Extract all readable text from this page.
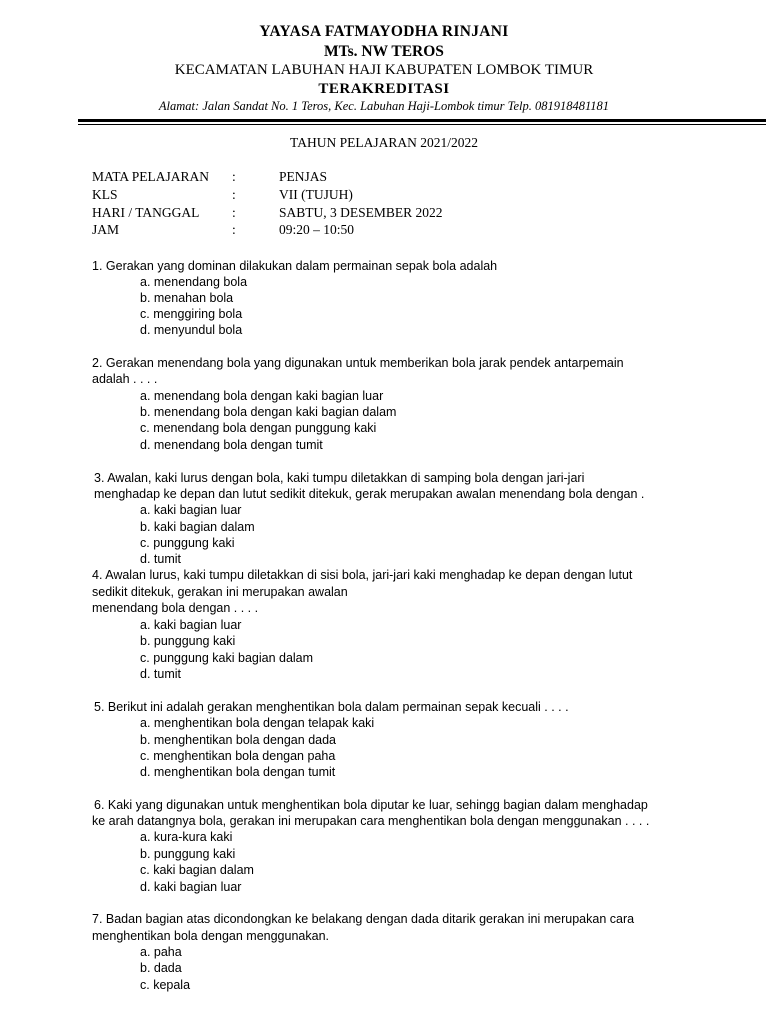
YAYASA FATMAYODHA RINJANI
MTs. NW TEROS
KECAMATAN LABUHAN HAJI KABUPATEN LOMBOK TIMUR
TERAKREDITASI
Alamat: Jalan Sandat No. 1 Teros, Kec. Labuhan Haji-Lombok timur Telp. 081918481181
TAHUN PELAJARAN 2021/2022
MATA PELAJARAN :	PENJAS
KLS	:	VII (TUJUH)
HARI / TANGGAL :	SABTU, 3 DESEMBER 2022
JAM	:	09:20 – 10:50
1. Gerakan yang dominan dilakukan dalam permainan sepak bola adalah
a. menendang bola
b. menahan bola
c. menggiring bola
d. menyundul bola
2. Gerakan menendang bola yang digunakan untuk memberikan bola jarak pendek antarpemain
adalah . . . .
a. menendang bola dengan kaki bagian luar
b. menendang bola dengan kaki bagian dalam
c. menendang bola dengan punggung kaki
d. menendang bola dengan tumit
3. Awalan, kaki lurus dengan bola, kaki tumpu diletakkan di samping bola dengan jari-jari
menghadap ke depan dan lutut sedikit ditekuk, gerak merupakan awalan menendang bola dengan .
a. kaki bagian luar
b. kaki bagian dalam
c. punggung kaki
d. tumit
4. Awalan lurus, kaki tumpu diletakkan di sisi bola, jari-jari kaki menghadap ke depan dengan lutut
sedikit ditekuk, gerakan ini merupakan awalan
menendang bola dengan . . . .
a. kaki bagian luar
b. punggung kaki
c. punggung kaki bagian dalam
d. tumit
5. Berikut ini adalah gerakan menghentikan bola dalam permainan sepak kecuali . . . .
a. menghentikan bola dengan telapak kaki
b. menghentikan bola dengan dada
c. menghentikan bola dengan paha
d. menghentikan bola dengan tumit
6. Kaki yang digunakan untuk menghentikan bola diputar ke luar, sehingg bagian dalam menghadap
ke arah datangnya bola, gerakan ini merupakan cara menghentikan bola dengan menggunakan . . . .
a. kura-kura kaki
b. punggung kaki
c. kaki bagian dalam
d. kaki bagian luar
7. Badan bagian atas dicondongkan ke belakang dengan dada ditarik gerakan ini merupakan cara
menghentikan bola dengan menggunakan.
a. paha
b. dada
c. kepala
